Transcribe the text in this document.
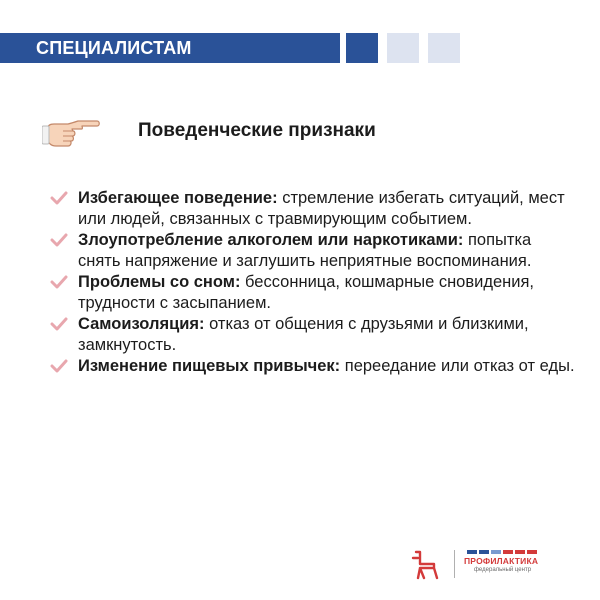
СПЕЦИАЛИСТАМ
Поведенческие признаки
Избегающее поведение: стремление избегать ситуаций, мест или людей, связанных с травмирующим событием.
Злоупотребление алкоголем или наркотиками: попытка снять напряжение и заглушить неприятные воспоминания.
Проблемы со сном: бессонница, кошмарные сновидения, трудности с засыпанием.
Самоизоляция: отказ от общения с друзьями и близкими, замкнутость.
Изменение пищевых привычек: переедание или отказ от еды.
ПРОФИЛАКТИКА
федеральный центр
